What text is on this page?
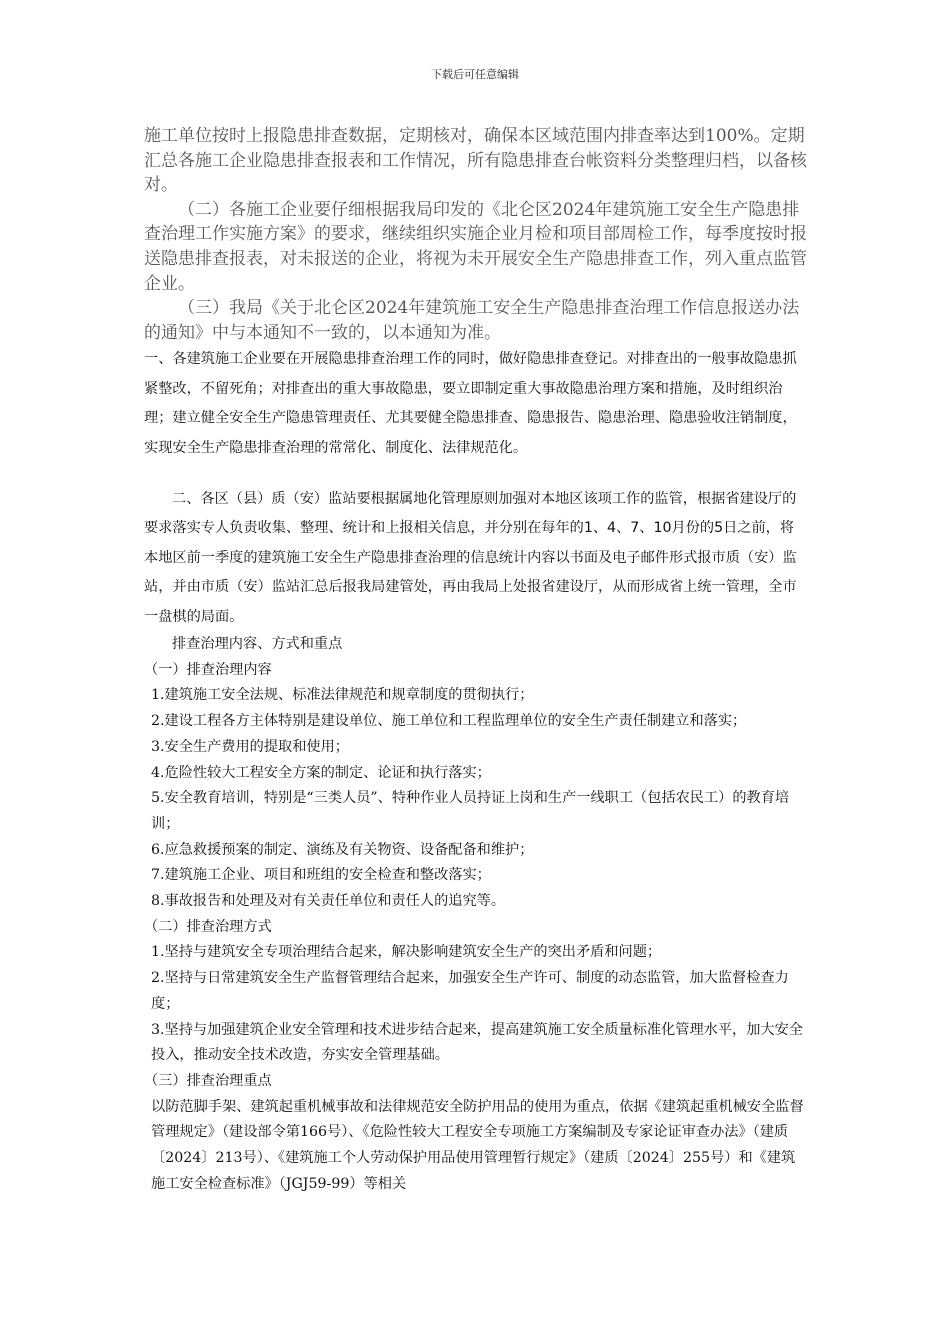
下载后可任意编辑

施工单位按时上报隐患排查数据，定期核对，确保本区域范围内排查率达到100%。定期汇总各施工企业隐患排查报表和工作情况，所有隐患排查台帐资料分类整理归档，以备核对。

（二）各施工企业要仔细根据我局印发的《北仑区2024年建筑施工安全生产隐患排查治理工作实施方案》的要求，继续组织实施企业月检和项目部周检工作，每季度按时报送隐患排查报表，对未报送的企业，将视为未开展安全生产隐患排查工作，列入重点监管企业。

（三）我局《关于北仑区2024年建筑施工安全生产隐患排查治理工作信息报送办法的通知》中与本通知不一致的，以本通知为准。

一、各建筑施工企业要在开展隐患排查治理工作的同时，做好隐患排查登记。对排查出的一般事故隐患抓紧整改，不留死角；对排查出的重大事故隐患，要立即制定重大事故隐患治理方案和措施，及时组织治理；建立健全安全生产隐患管理责任、尤其要健全隐患排查、隐患报告、隐患治理、隐患验收注销制度，实现安全生产隐患排查治理的常常化、制度化、法律规范化。

二、各区（县）质（安）监站要根据属地化管理原则加强对本地区该项工作的监管，根据省建设厅的要求落实专人负责收集、整理、统计和上报相关信息，并分别在每年的1、4、7、10月份的5日之前，将本地区前一季度的建筑施工安全生产隐患排查治理的信息统计内容以书面及电子邮件形式报市质（安）监站，并由市质（安）监站汇总后报我局建管处，再由我局上处报省建设厅，从而形成省上统一管理，全市一盘棋的局面。

排查治理内容、方式和重点

（一）排查治理内容

1.建筑施工安全法规、标准法律规范和规章制度的贯彻执行；

2.建设工程各方主体特别是建设单位、施工单位和工程监理单位的安全生产责任制建立和落实；

3.安全生产费用的提取和使用；

4.危险性较大工程安全方案的制定、论证和执行落实；

5.安全教育培训，特别是“三类人员”、特种作业人员持证上岗和生产一线职工（包括农民工）的教育培训；

6.应急救援预案的制定、演练及有关物资、设备配备和维护；

7.建筑施工企业、项目和班组的安全检查和整改落实；

8.事故报告和处理及对有关责任单位和责任人的追究等。

（二）排查治理方式

1.坚持与建筑安全专项治理结合起来，解决影响建筑安全生产的突出矛盾和问题；

2.坚持与日常建筑安全生产监督管理结合起来，加强安全生产许可、制度的动态监管，加大监督检查力度；

3.坚持与加强建筑企业安全管理和技术进步结合起来，提高建筑施工安全质量标准化管理水平，加大安全投入，推动安全技术改造，夯实安全管理基础。

（三）排查治理重点

以防范脚手架、建筑起重机械事故和法律规范安全防护用品的使用为重点，依据《建筑起重机械安全监督管理规定》（建设部令第166号）、《危险性较大工程安全专项施工方案编制及专家论证审查办法》（建质〔2024〕213号）、《建筑施工个人劳动保护用品使用管理暂行规定》（建质〔2024〕255号）和《建筑施工安全检查标准》（JGJ59-99）等相关
